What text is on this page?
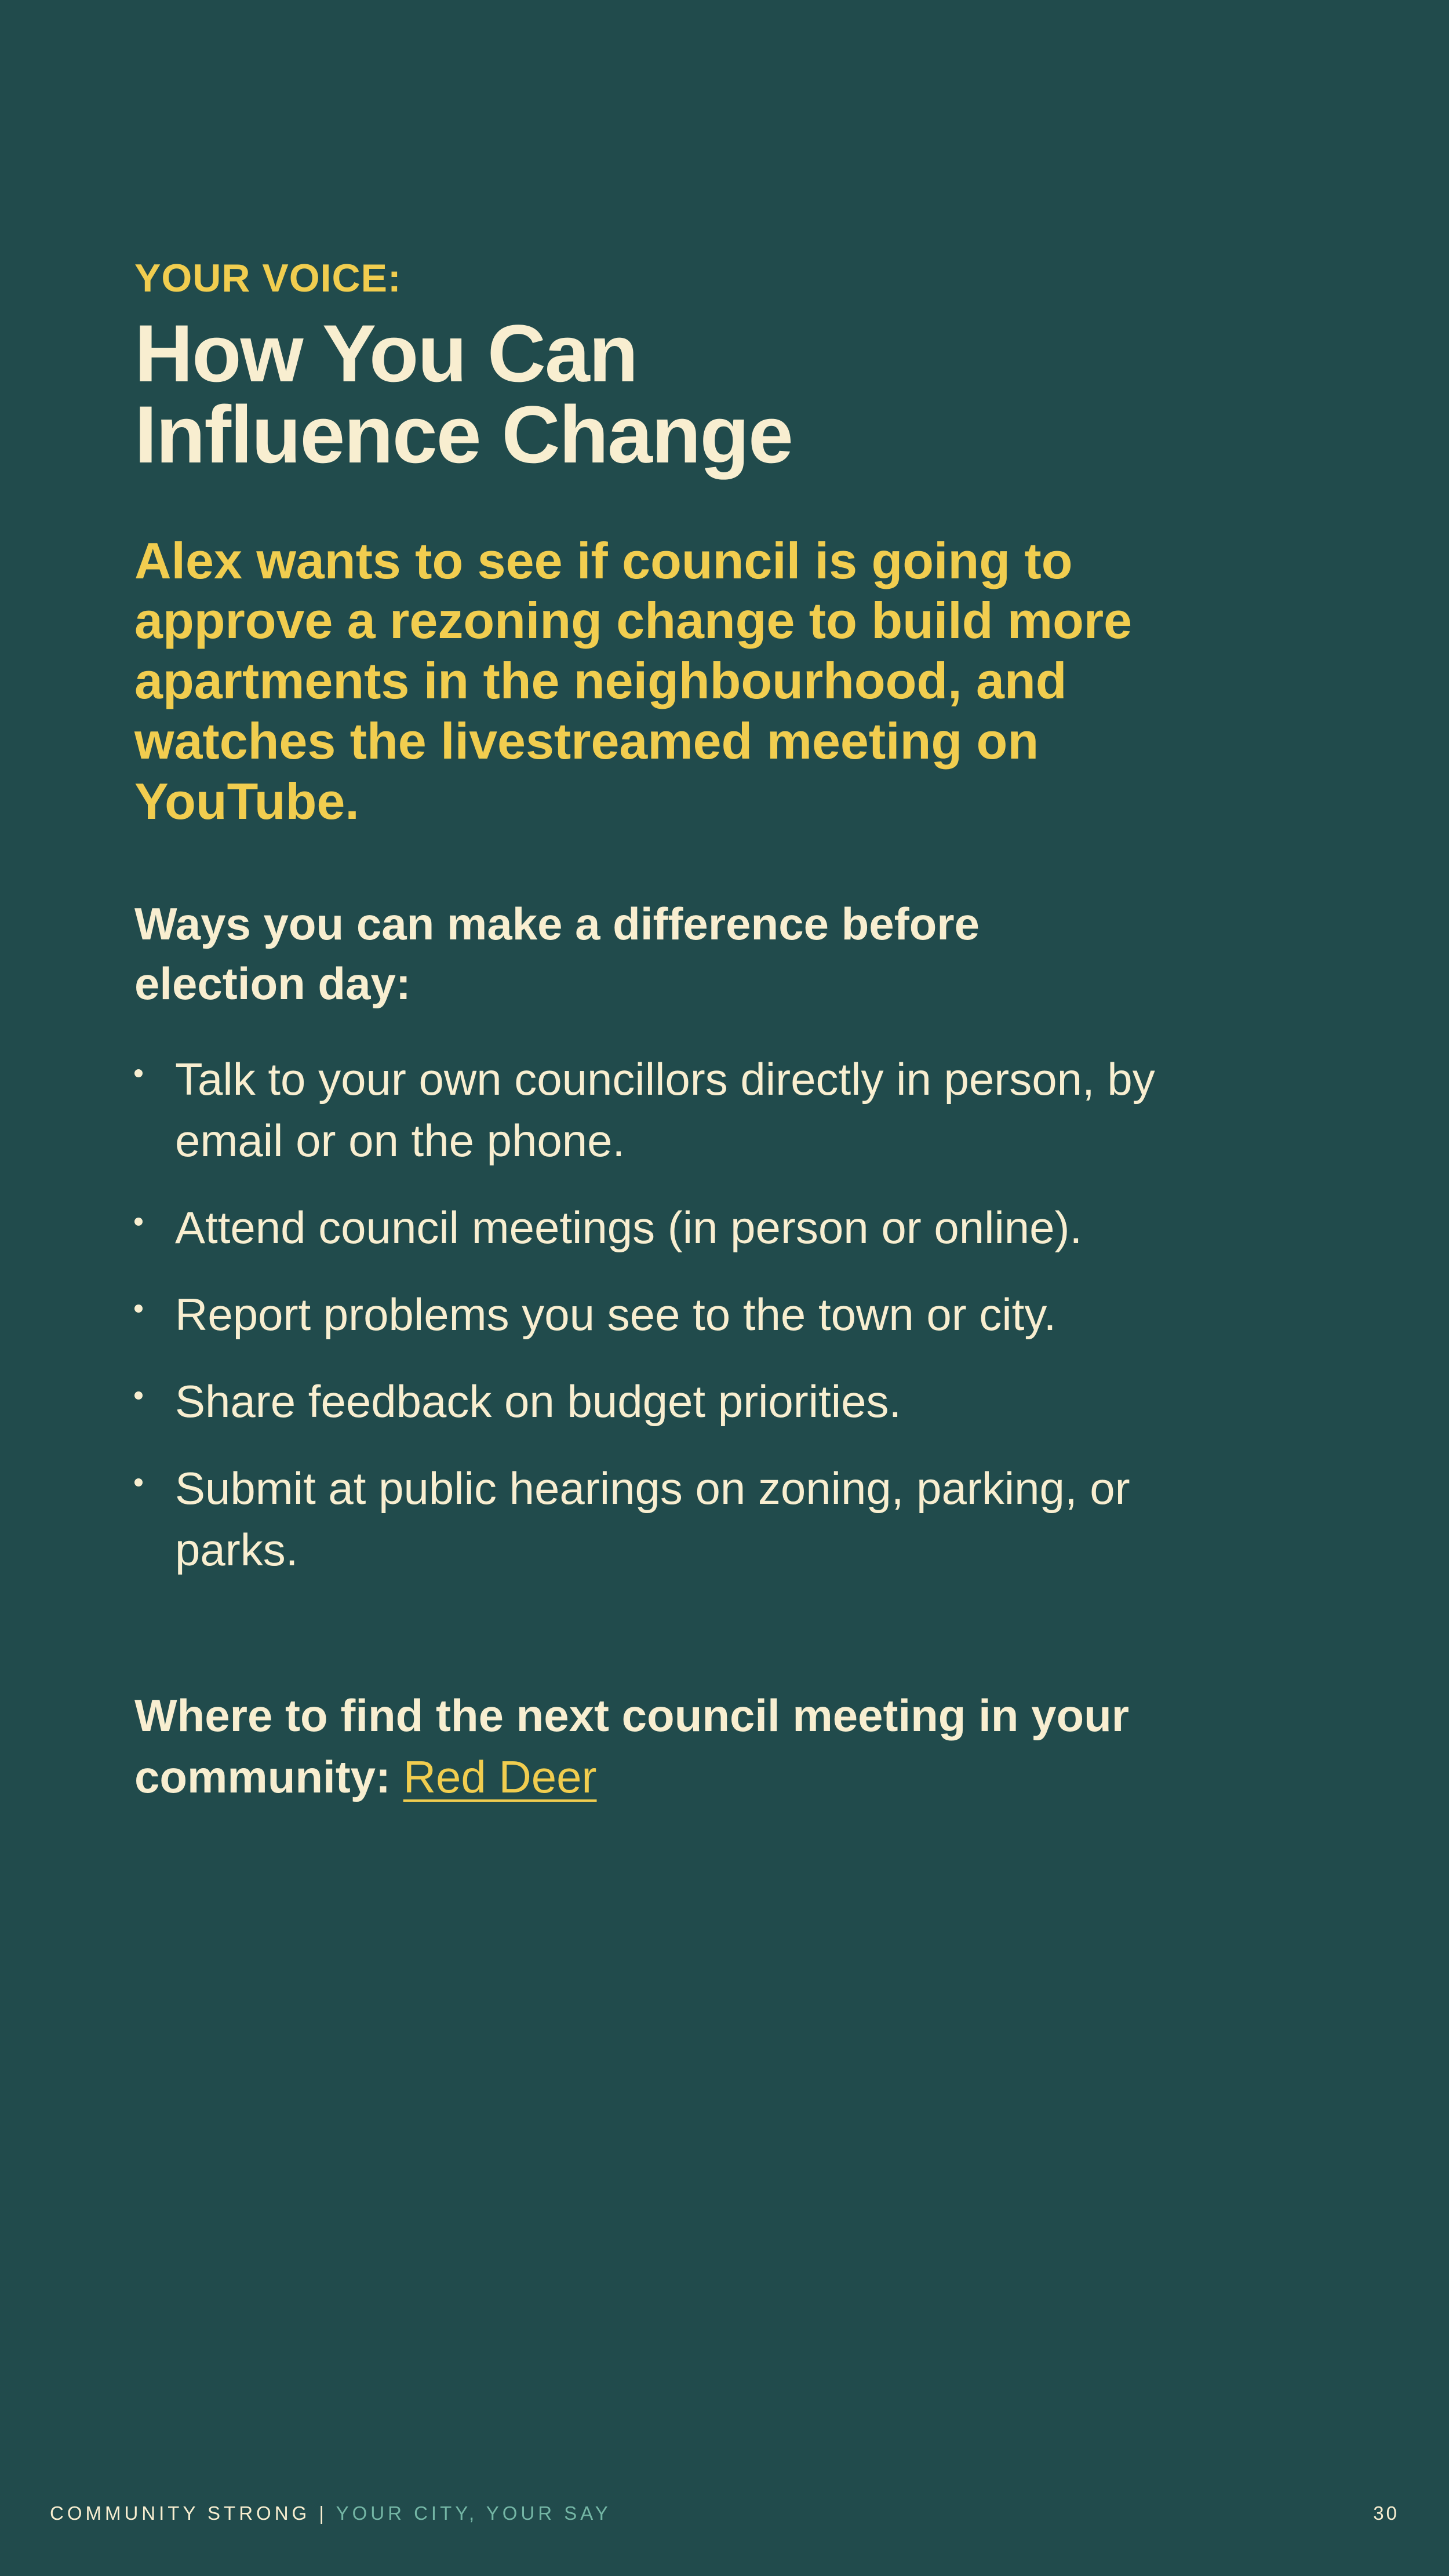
YOUR VOICE:
How You Can
Influence Change

Alex wants to see if council is going to approve a rezoning change to build more apartments in the neighbourhood, and watches the livestreamed meeting on YouTube.

Ways you can make a difference before election day:

Talk to your own councillors directly in person, by email or on the phone.
Attend council meetings (in person or online).
Report problems you see to the town or city.
Share feedback on budget priorities.
Submit at public hearings on zoning, parking, or parks.

Where to find the next council meeting in your community: Red Deer

COMMUNITY STRONG | YOUR CITY, YOUR SAY	30
